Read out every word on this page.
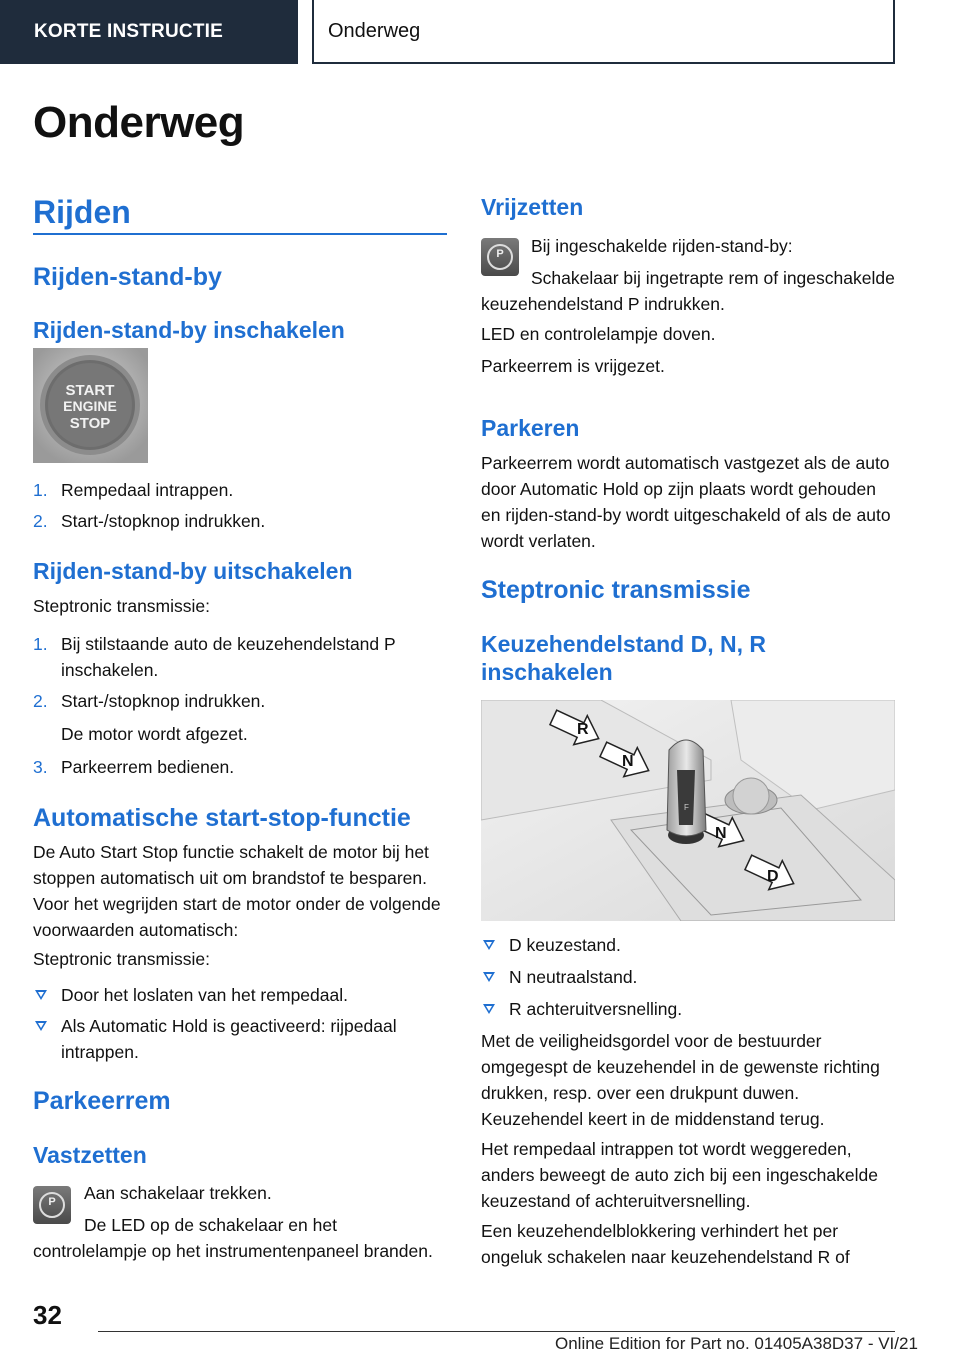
KORTE INSTRUCTIE	Onderweg
Onderweg
Rijden
Rijden-stand-by
Rijden-stand-by inschakelen
START
ENGINE
STOP
1. Rempedaal intrappen.
2. Start-/stopknop indrukken.
Rijden-stand-by uitschakelen

Steptronic transmissie:

1. Bij stilstaande auto de keuzehendelstand P inschakelen.
2. Start-/stopknop indrukken.
De motor wordt afgezet.
3. Parkeerrem bedienen.
Automatische start-stop-functie

De Auto Start Stop functie schakelt de motor bij het stoppen automatisch uit om brandstof te besparen. Voor het wegrijden start de motor onder de volgende voorwaarden automatisch:

Steptronic transmissie:

Door het loslaten van het rempedaal.
Als Automatic Hold is geactiveerd: rijpedaal intrappen.
Parkeerrem
Vastzetten
P	Aan schakelaar trekken.

De LED op de schakelaar en het controlelampje op het instrumentenpaneel branden.

Vrijzetten
P	Bij ingeschakelde rijden-stand-by:

Schakelaar bij ingetrapte rem of ingeschakelde keuzehendelstand P indrukken.

LED en controlelampje doven.

Parkeerrem is vrijgezet.

Parkeren

Parkeerrem wordt automatisch vastgezet als de auto door Automatic Hold op zijn plaats wordt gehouden en rijden-stand-by wordt uitgeschakeld of als de auto wordt verlaten.

Steptronic transmissie
Keuzehendelstand D, N, R inschakelen
R
N
N
D
F
D keuzestand.
N neutraalstand.
R achteruitversnelling.

Met de veiligheidsgordel voor de bestuurder omgegespt de keuzehendel in de gewenste richting drukken, resp. over een drukpunt duwen. Keuzehendel keert in de middenstand terug.

Het rempedaal intrappen tot wordt weggereden, anders beweegt de auto zich bij een ingeschakelde keuzestand of achteruitversnelling.

Een keuzehendelblokkering verhindert het per ongeluk schakelen naar keuzehendelstand R of

32

Online Edition for Part no. 01405A38D37 - VI/21
